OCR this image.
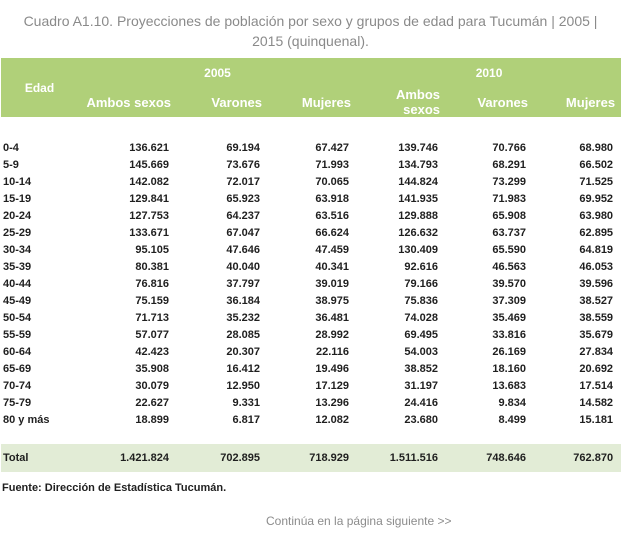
Cuadro A1.10. Proyecciones de población por sexo y grupos de edad para Tucumán | 2005 |
2015 (quinquenal).
Edad	2005			2010		
	Ambos sexos	Varones	Mujeres	Ambos sexos	Varones	Mujeres

0-4	136.621	69.194	67.427	139.746	70.766	68.980
5-9	145.669	73.676	71.993	134.793	68.291	66.502
10-14	142.082	72.017	70.065	144.824	73.299	71.525
15-19	129.841	65.923	63.918	141.935	71.983	69.952
20-24	127.753	64.237	63.516	129.888	65.908	63.980
25-29	133.671	67.047	66.624	126.632	63.737	62.895
30-34	95.105	47.646	47.459	130.409	65.590	64.819
35-39	80.381	40.040	40.341	92.616	46.563	46.053
40-44	76.816	37.797	39.019	79.166	39.570	39.596
45-49	75.159	36.184	38.975	75.836	37.309	38.527
50-54	71.713	35.232	36.481	74.028	35.469	38.559
55-59	57.077	28.085	28.992	69.495	33.816	35.679
60-64	42.423	20.307	22.116	54.003	26.169	27.834
65-69	35.908	16.412	19.496	38.852	18.160	20.692
70-74	30.079	12.950	17.129	31.197	13.683	17.514
75-79	22.627	9.331	13.296	24.416	9.834	14.582
80 y más	18.899	6.817	12.082	23.680	8.499	15.181

Total	1.421.824	702.895	718.929	1.511.516	748.646	762.870
Fuente: Dirección de Estadística Tucumán.
Continúa en la página siguiente >>
